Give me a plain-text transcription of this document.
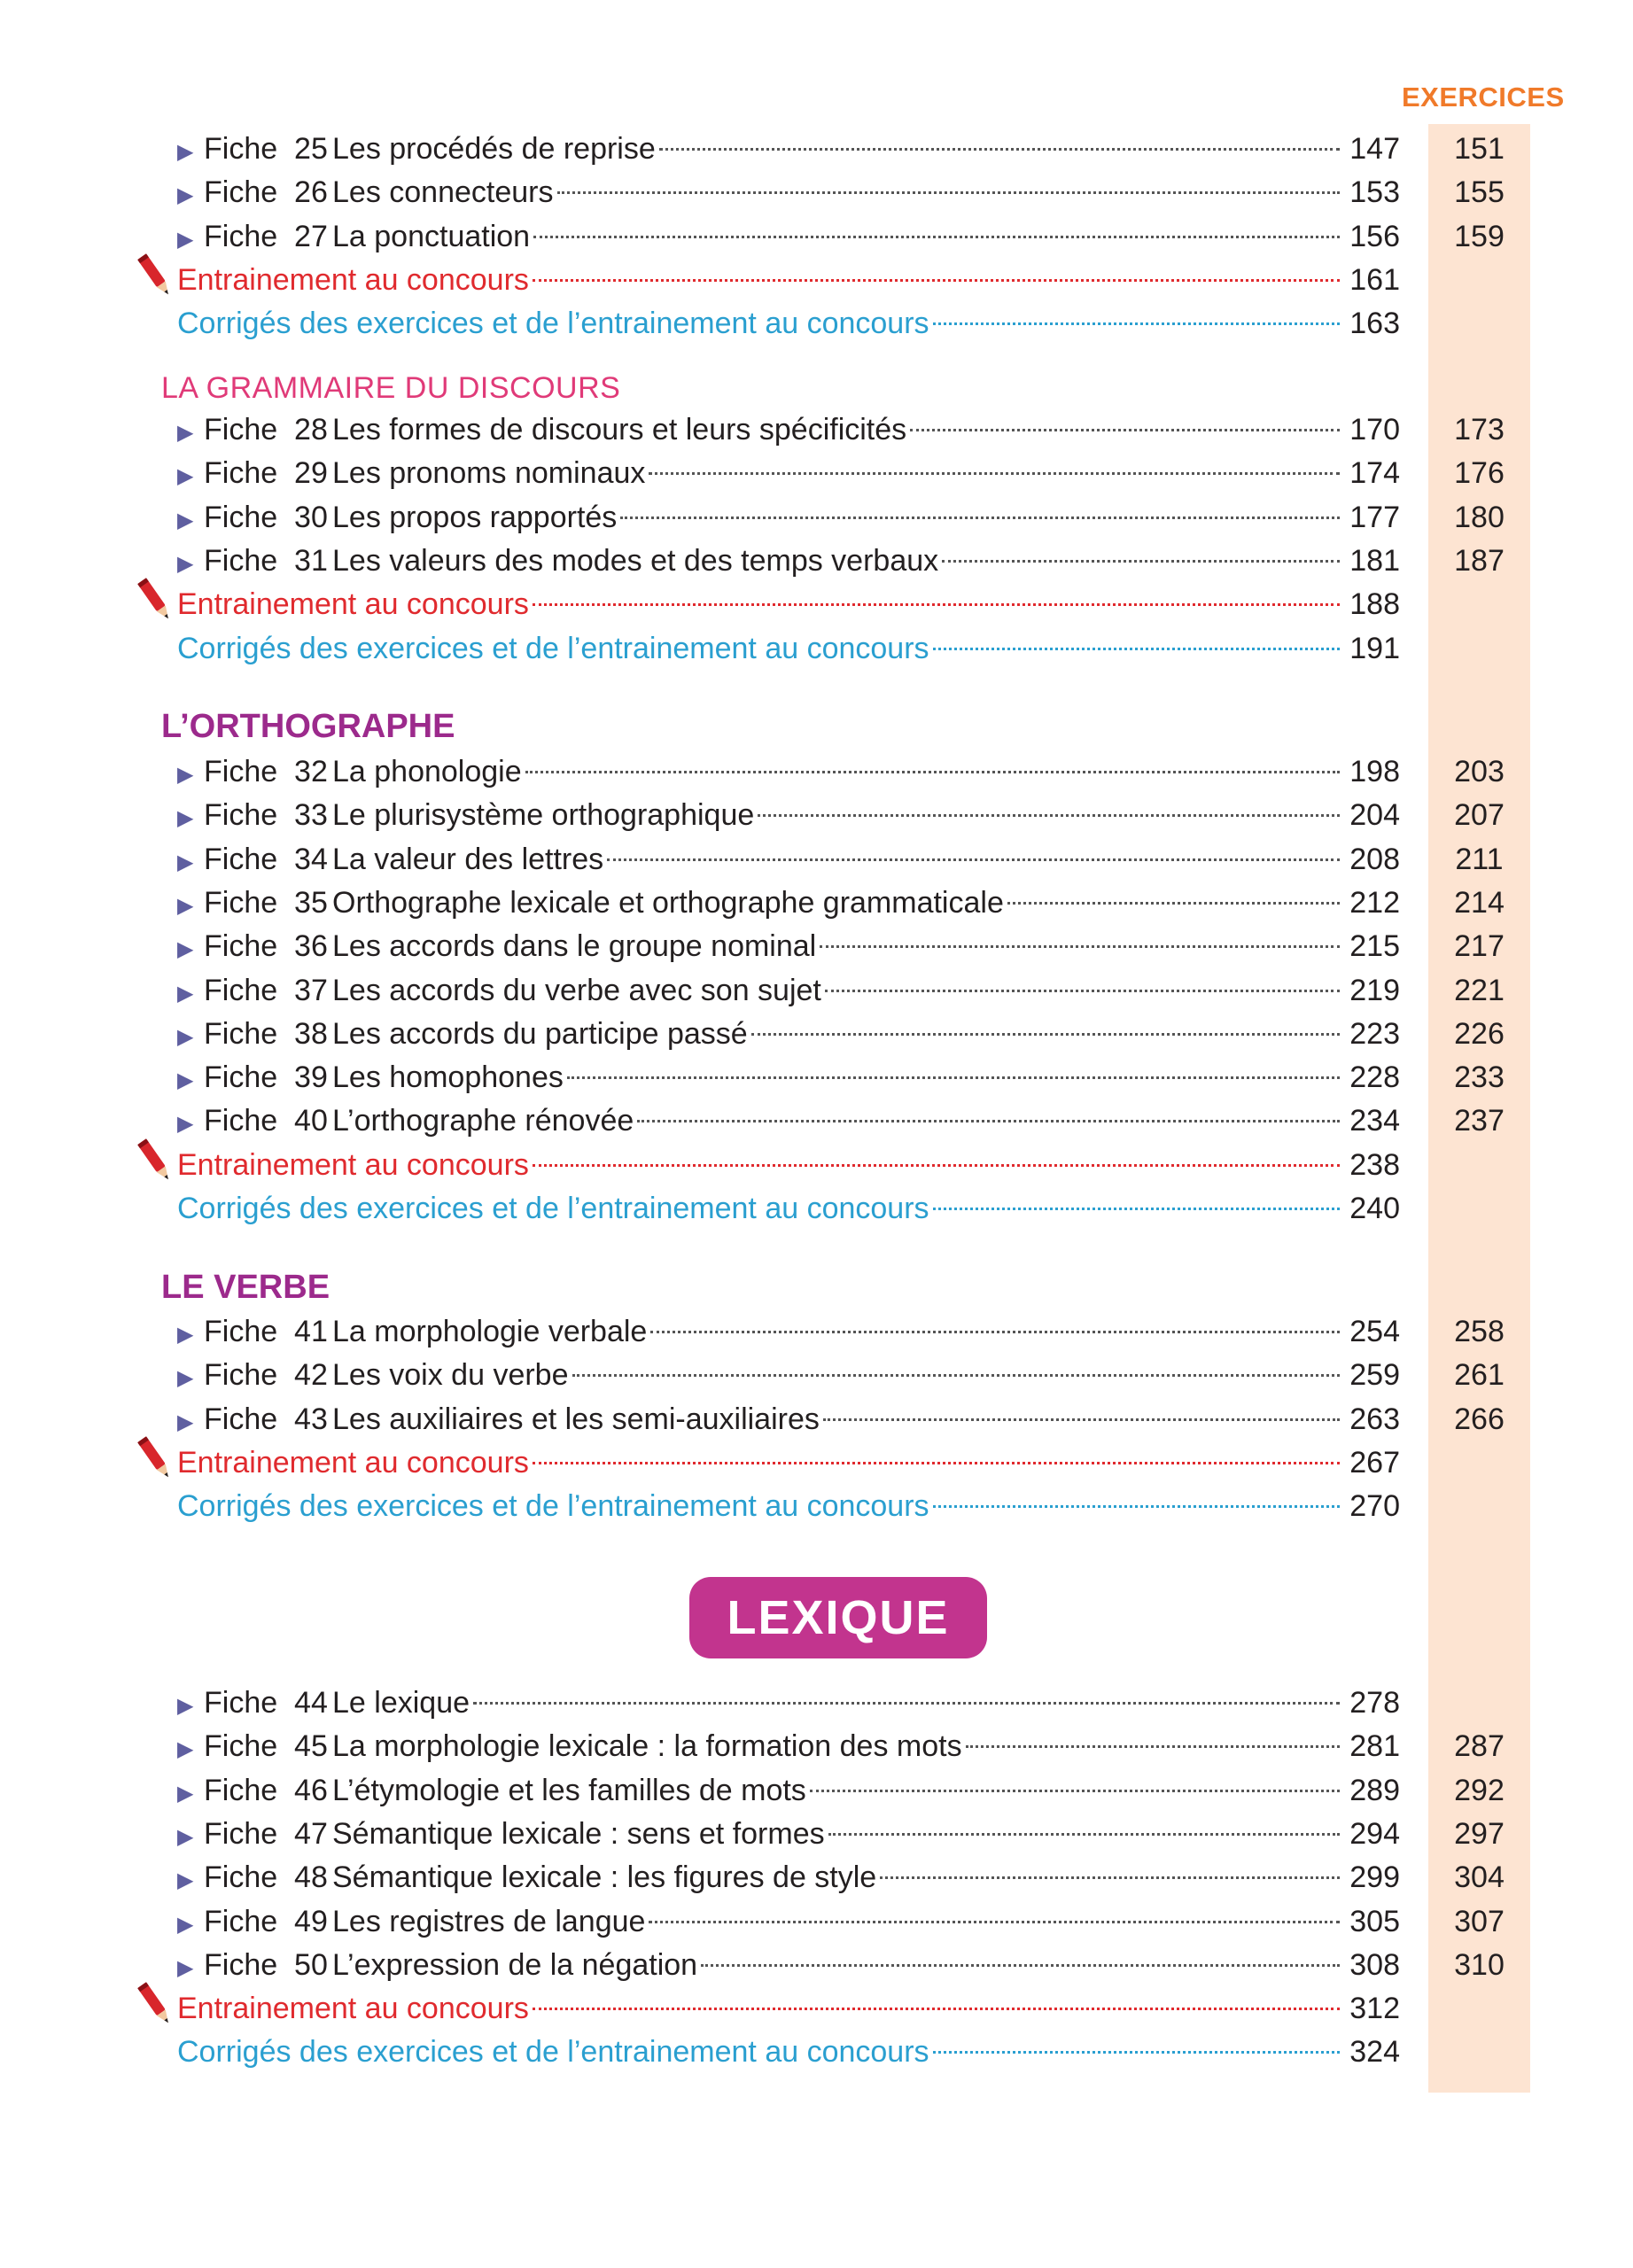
EXERCICES
▶ Fiche 25 Les procédés de reprise	147	151
▶ Fiche 26 Les connecteurs	153	155
▶ Fiche 27 La ponctuation	156	159
Entrainement au concours	161
Corrigés des exercices et de l’entrainement au concours	163
LA GRAMMAIRE DU DISCOURS
▶ Fiche 28 Les formes de discours et leurs spécificités	170	173
▶ Fiche 29 Les pronoms nominaux	174	176
▶ Fiche 30 Les propos rapportés	177	180
▶ Fiche 31 Les valeurs des modes et des temps verbaux	181	187
Entrainement au concours	188
Corrigés des exercices et de l’entrainement au concours	191
L’ORTHOGRAPHE
▶ Fiche 32 La phonologie	198	203
▶ Fiche 33 Le plurisystème orthographique	204	207
▶ Fiche 34 La valeur des lettres	208	211
▶ Fiche 35 Orthographe lexicale et orthographe grammaticale	212	214
▶ Fiche 36 Les accords dans le groupe nominal	215	217
▶ Fiche 37 Les accords du verbe avec son sujet	219	221
▶ Fiche 38 Les accords du participe passé	223	226
▶ Fiche 39 Les homophones	228	233
▶ Fiche 40 L’orthographe rénovée	234	237
Entrainement au concours	238
Corrigés des exercices et de l’entrainement au concours	240
LE VERBE
▶ Fiche 41 La morphologie verbale	254	258
▶ Fiche 42 Les voix du verbe	259	261
▶ Fiche 43 Les auxiliaires et les semi-auxiliaires	263	266
Entrainement au concours	267
Corrigés des exercices et de l’entrainement au concours	270
LEXIQUE
▶ Fiche 44 Le lexique	278
▶ Fiche 45 La morphologie lexicale : la formation des mots	281	287
▶ Fiche 46 L’étymologie et les familles de mots	289	292
▶ Fiche 47 Sémantique lexicale : sens et formes	294	297
▶ Fiche 48 Sémantique lexicale : les figures de style	299	304
▶ Fiche 49 Les registres de langue	305	307
▶ Fiche 50 L’expression de la négation	308	310
Entrainement au concours	312
Corrigés des exercices et de l’entrainement au concours	324
